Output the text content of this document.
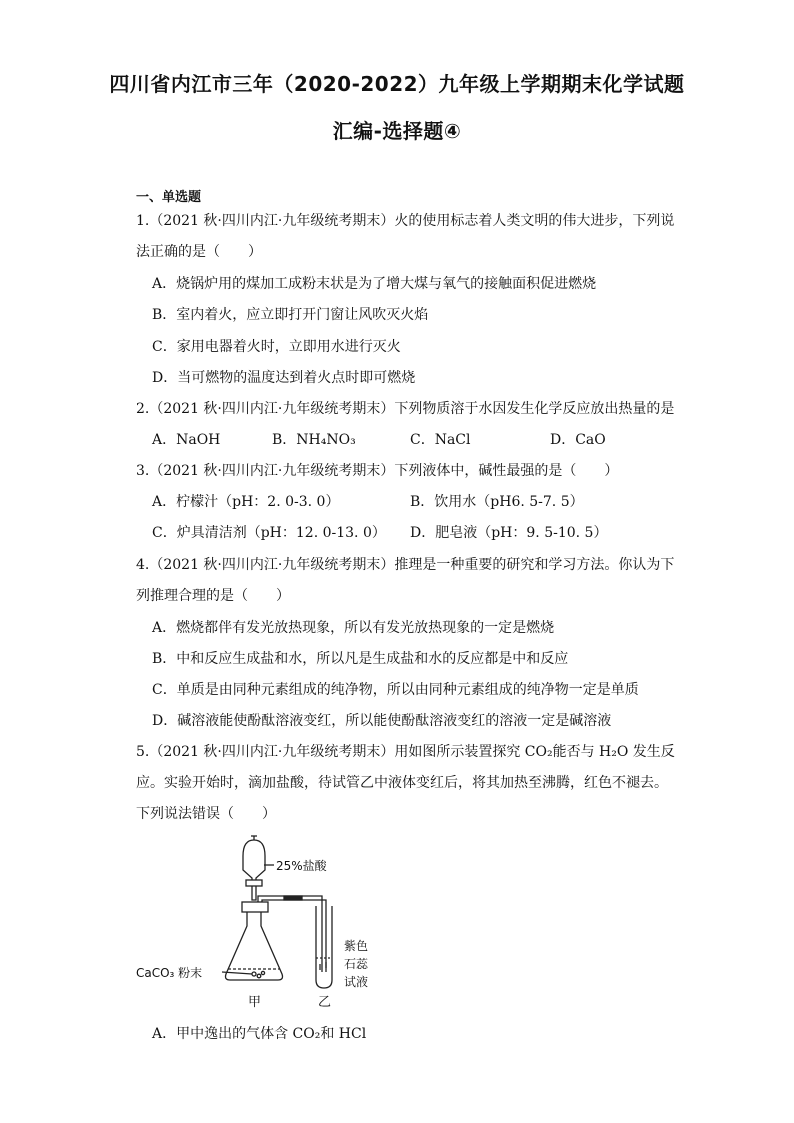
四川省内江市三年（2020-2022）九年级上学期期末化学试题
汇编-选择题④
一、单选题
1.（2021 秋·四川内江·九年级统考期末）火的使用标志着人类文明的伟大进步，下列说
法正确的是（　　）
A．烧锅炉用的煤加工成粉末状是为了增大煤与氧气的接触面积促进燃烧
B．室内着火，应立即打开门窗让风吹灭火焰
C．家用电器着火时，立即用水进行灭火
D．当可燃物的温度达到着火点时即可燃烧
2.（2021 秋·四川内江·九年级统考期末）下列物质溶于水因发生化学反应放出热量的是
A．NaOH	B．NH₄NO₃	C．NaCl	D．CaO
3.（2021 秋·四川内江·九年级统考期末）下列液体中，碱性最强的是（　　）
A．柠檬汁（pH：2. 0-3. 0）	B．饮用水（pH6. 5-7. 5）
C．炉具清洁剂（pH：12. 0-13. 0） D．肥皂液（pH：9. 5-10. 5）
4.（2021 秋·四川内江·九年级统考期末）推理是一种重要的研究和学习方法。你认为下
列推理合理的是（　　）
A．燃烧都伴有发光放热现象，所以有发光放热现象的一定是燃烧
B．中和反应生成盐和水，所以凡是生成盐和水的反应都是中和反应
C．单质是由同种元素组成的纯净物，所以由同种元素组成的纯净物一定是单质
D．碱溶液能使酚酞溶液变红，所以能使酚酞溶液变红的溶液一定是碱溶液
5.（2021 秋·四川内江·九年级统考期末）用如图所示装置探究 CO₂能否与 H₂O 发生反
应。实验开始时，滴加盐酸，待试管乙中液体变红后，将其加热至沸腾，红色不褪去。
下列说法错误（　　）
25%盐酸
CaCO₃ 粉末
甲	乙
紫色
石蕊
试液
A．甲中逸出的气体含 CO₂和 HCl
